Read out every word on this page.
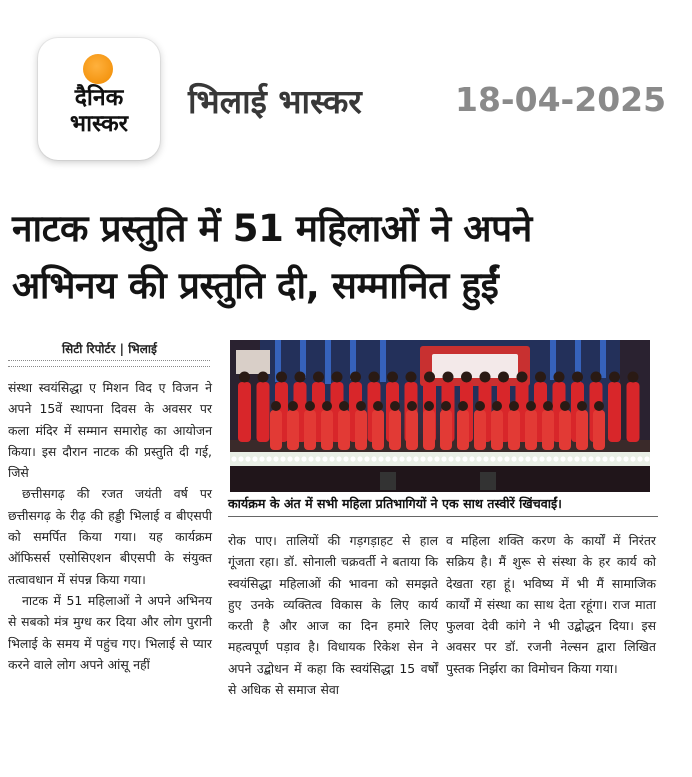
दैनिक
भास्कर
भिलाई भास्कर	18-04-2025
नाटक प्रस्तुति में 51 महिलाओं ने अपने
अभिनय की प्रस्तुति दी, सम्मानित हुईं
सिटी रिपोर्टर | भिलाई

संस्था स्वयंसिद्धा ए मिशन विद ए विजन ने अपने 15वें स्थापना दिवस के अवसर पर कला मंदिर में सम्मान समारोह का आयोजन किया। इस दौरान नाटक की प्रस्तुति दी गई, जिसे

छत्तीसगढ़ की रजत जयंती वर्ष पर छत्तीसगढ़ के रीढ़ की हड्डी भिलाई व बीएसपी को समर्पित किया गया। यह कार्यक्रम ऑफिसर्स एसोसिएशन बीएसपी के संयुक्त तत्वावधान में संपन्न किया गया।

नाटक में 51 महिलाओं ने अपने अभिनय से सबको मंत्र मुग्ध कर दिया और लोग पुरानी भिलाई के समय में पहुंच गए। भिलाई से प्यार करने वाले लोग अपने आंसू नहीं

कार्यक्रम के अंत में सभी महिला प्रतिभागियों ने एक साथ तस्वीरें खिंचवाईं।

रोक पाए। तालियों की गड़गड़ाहट से हाल गूंजता रहा। डॉ. सोनाली चक्रवर्ती ने बताया कि स्वयंसिद्धा महिलाओं की भावना को समझते हुए उनके व्यक्तित्व विकास के लिए कार्य करती है और आज का दिन हमारे लिए महत्वपूर्ण पड़ाव है। विधायक रिकेश सेन ने अपने उद्बोधन में कहा कि स्वयंसिद्धा 15 वर्षों से अधिक से समाज सेवा

व महिला शक्ति करण के कार्यों में निरंतर सक्रिय है। मैं शुरू से संस्था के हर कार्य को देखता रहा हूं। भविष्य में भी मैं सामाजिक कार्यों में संस्था का साथ देता रहूंगा। राज माता फुलवा देवी कांगे ने भी उद्बोद्धन दिया। इस अवसर पर डॉ. रजनी नेल्सन द्वारा लिखित पुस्तक निर्झरा का विमोचन किया गया।
